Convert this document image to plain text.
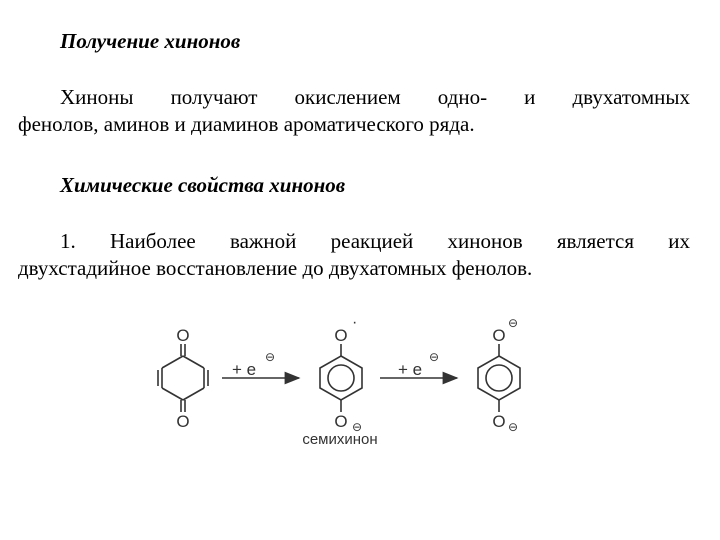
Получение хинонов

Хиноны получают окислением одно- и двухатомных

фенолов, аминов и диаминов ароматического ряда.

Химические свойства хинонов

1. Наиболее важной реакцией хинонов является их

двухстадийное восстановление до двухатомных фенолов.

O
O
+ e
⊖
O
·
O ⊖
семихинон
+ e
⊖
O
⊖
O ⊖
